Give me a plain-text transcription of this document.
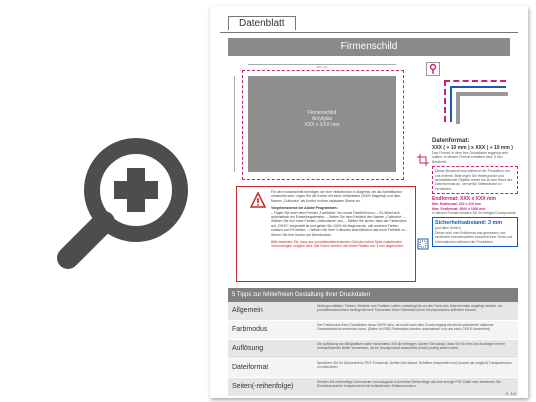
Datenblatt
Firmenschild
XXX mm
Firmenschild
Acrylglas
XXX x XXX mm
Für den Konturschnitt benötigen wir eine Vektorkontur in Magenta, die als Schnittkontur verwendet wird. Legen Sie die Kontur mit einer Volltonfarbe (100% Magenta) und dem Namen „Cutkontur“ als Kontur in einer separaten Ebene an.
Vorgehensweise bei Adobe Programmen:
– Fügen Sie unter dem Fenster „Farbfelder“ ein neues Farbfeld hinzu. – Es öffnet sich automatisch ein Einstellungsfenster. – Geben Sie dem Farbfeld den Namen „Cutkontur“. – Wählen Sie nun unter Farbart „Volltonfarbe“ aus. – Stellen Sie sicher, dass der Farbmodus auf „CMYK“ eingestellt ist und geben Sie 100% für Magenta ein, alle anderen Farben müssen auf 0% stehen. – Weisen Sie Ihrer Cutkontur anschließend das neue Farbfeld zu. – Setzen Sie Ihre Kontur auf Überdrucken.
Bitte beachten Sie, dass aus produktionstechnischen Gründen keine Spitz zulaufenden Verrundungen möglich sind. Alle Ecken werden mit einem Radius von 4 mm abgerundet.
Datenformat:
XXX ( + 10 mm ) x XXX ( + 10 mm )
Das Format, in dem Ihre Druckdaten angelegt sein sollten. In diesem Format enthalten sind: 5 mm Beschnitt.
Dieser Beschnitt wird während der Produktion von uns entfernt. Bitte legen Sie Hintergründe und randabfallende Objekte immer bis an den Rand des Datenformats an, um weiße Seitenränder zu vermeiden.
Endformat: XXX x XXX mm
Min. Endformat: 210 x 210 mm
Max. Endformat: 3000 x 1500 mm
In diesem Format erhalten Sie Ihr fertiges Druckprodukt.
Sicherheitsabstand: 3 mm
(auf allen Seiten)
Dieser wird vom Endformat aus gemessen und verhindert unerwünschten Anschnitt Ihrer Texte und Informationen während der Produktion.
5 Tipps zur fehlerfreien Gestaltung Ihrer Druckdaten
Allgemein
Hintergrundbilder, Farben, Verläufe und Grafiken sollten unbedingt bis an den Rand des Datenformats angelegt werden, da produktionstechnisch bedingt kleinere Toleranzen beim Schneiden Ihres Druckproduktes auftreten können.
Farbmodus
Der Farbmodus Ihrer Druckdaten muss CMYK sein, da sonst nach dem Druckvorgang ein leicht veränderter optischer Gesamteindruck entstehen kann. (Daten im RGB-Farbmodus werden automatisch von uns nach CMYK konvertiert)
Auflösung
Die Auflösung von Bildgrafiken sollte mindestens 300 dpi betragen. Achten Sie darauf, dass Sie für Ihre Druckvorlagen immer hochauflösende Bilder verwenden, da Ihr Druckprodukt andernfalls (leicht) pixelig wirken kann.
Dateiformat
Speichern Sie Ihr Dokument im PDF-Format ab. Achten Sie darauf, Schriften einzubetten und (soweit als möglich) Transparenzen zu reduzieren.
Seiten(-reihenfolge)
Senden Sie mehrseitige Dokumente chronologisch in korrekter Reihenfolge als eine einzige PDF-Datei oder benennen Sie Einzeldokumente entsprechend mit fortlaufenden Seitennummern.
S. 1/4
